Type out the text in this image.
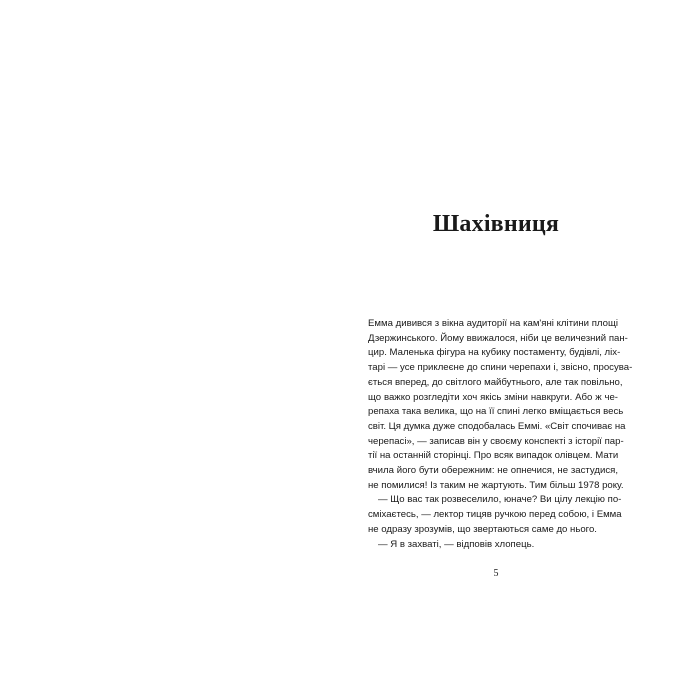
Шахівниця
Емма дивився з вікна аудиторії на кам'яні клітини площі
Дзержинського. Йому ввижалося, ніби це величезний пан-
цир. Маленька фігура на кубику постаменту, будівлі, ліх-
тарі — усе приклеєне до спини черепахи і, звісно, просува-
ється вперед, до світлого майбутнього, але так повільно,
що важко розгледіти хоч якісь зміни навкруги. Або ж че-
репаха така велика, що на її спині легко вміщається весь
світ. Ця думка дуже сподобалась Еммі. «Світ спочиває на
черепасі», — записав він у своєму конспекті з історії пар-
тії на останній сторінці. Про всяк випадок олівцем. Мати
вчила його бути обережним: не опнечися, не застудися,
не помилися! Із таким не жартують. Тим більш 1978 року.
— Що вас так розвеселило, юначе? Ви цілу лекцію по-
сміхаєтесь, — лектор тицяв ручкою перед собою, і Емма
не одразу зрозумів, що звертаються саме до нього.
— Я в захваті, — відповів хлопець.
5
